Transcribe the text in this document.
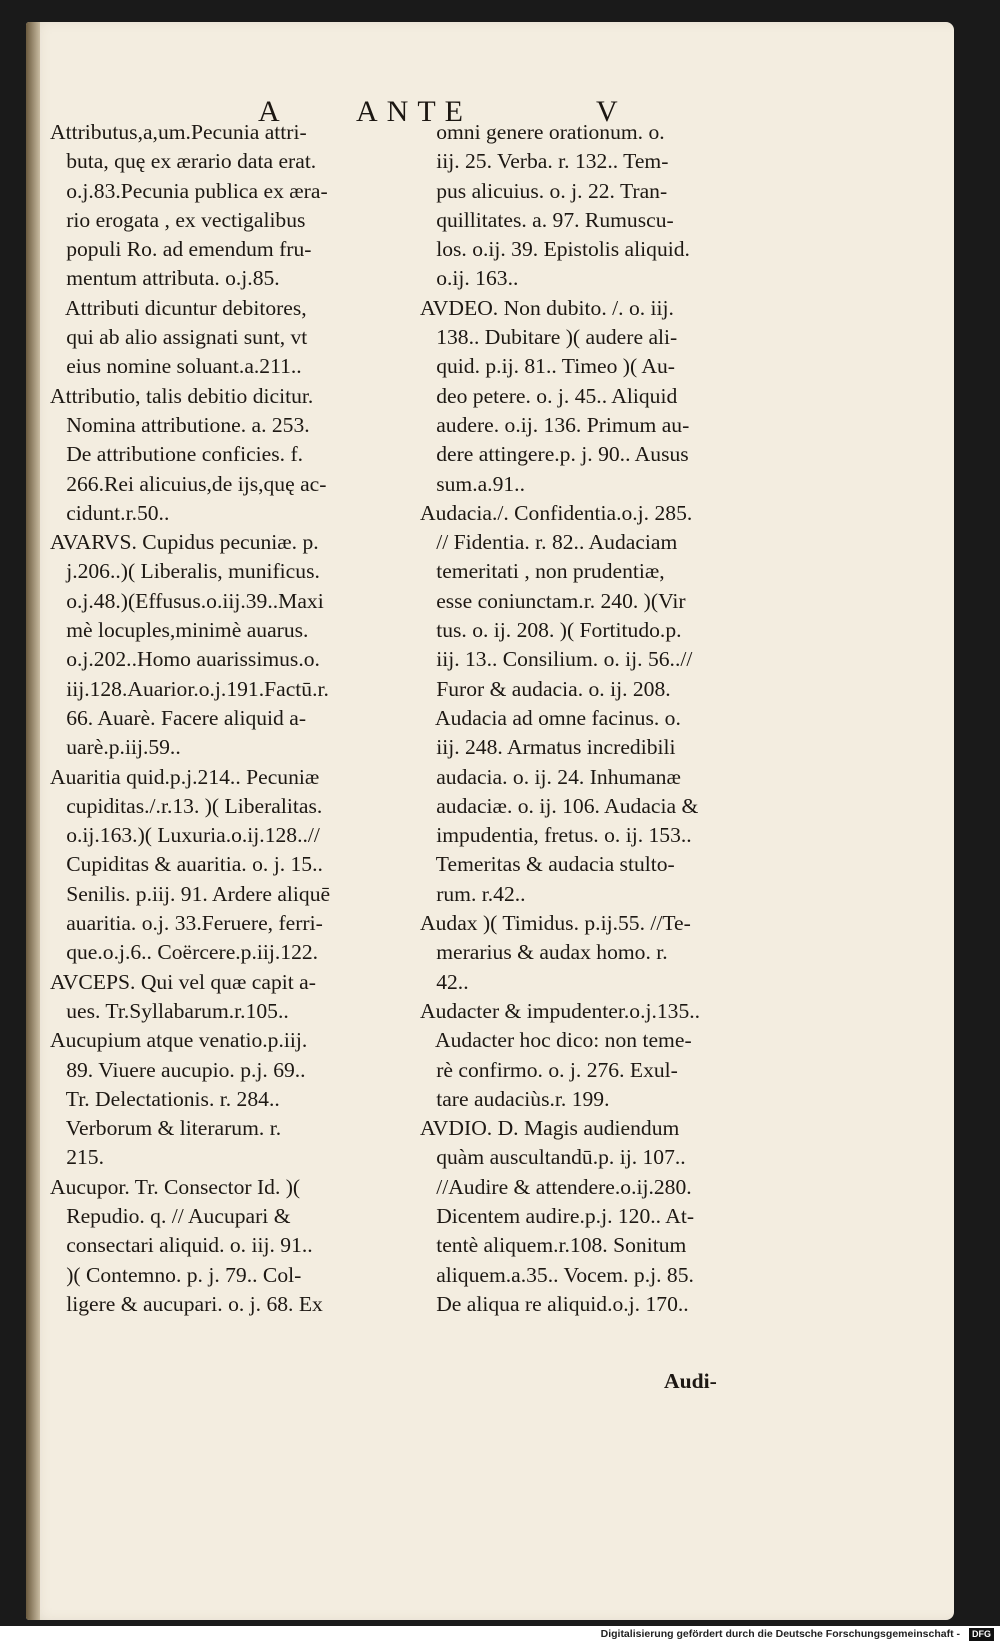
A ANTE	V
Attributus,a,um.Pecunia attri-
buta, quę ex ærario data erat.
o.j.83.Pecunia publica ex æra-
rio erogata , ex vectigalibus
populi Ro. ad emendum fru-
mentum attributa. o.j.85.
Attributi dicuntur debitores,
qui ab alio assignati sunt, vt
eius nomine soluant.a.211..
Attributio, talis debitio dicitur.
Nomina attributione. a. 253.
De attributione conficies. f.
266.Rei alicuius,de ijs,quę ac-
cidunt.r.50..
AVARVS. Cupidus pecuniæ. p.
j.206..)( Liberalis, munificus.
o.j.48.)(Effusus.o.iij.39..Maxi
mè locuples,minimè auarus.
o.j.202..Homo auarissimus.o.
iij.128.Auarior.o.j.191.Factū.r.
66. Auarè. Facere aliquid a-
uarè.p.iij.59..
Auaritia quid.p.j.214.. Pecuniæ
cupiditas./.r.13. )( Liberalitas.
o.ij.163.)( Luxuria.o.ij.128..//
Cupiditas & auaritia. o. j. 15..
Senilis. p.iij. 91. Ardere aliquē
auaritia. o.j. 33.Feruere, ferri-
que.o.j.6.. Coërcere.p.iij.122.
AVCEPS. Qui vel quæ capit a-
ues. Tr.Syllabarum.r.105..
Aucupium atque venatio.p.iij.
89. Viuere aucupio. p.j. 69..
Tr. Delectationis. r. 284..
Verborum & literarum. r.
215.
Aucupor. Tr. Consector Id. )(
Repudio. q. // Aucupari &
consectari aliquid. o. iij. 91..
)( Contemno. p. j. 79.. Col-
ligere & aucupari. o. j. 68. Ex
omni genere orationum. o.
iij. 25. Verba. r. 132.. Tem-
pus alicuius. o. j. 22. Tran-
quillitates. a. 97. Rumuscu-
los. o.ij. 39. Epistolis aliquid.
o.ij. 163..
AVDEO. Non dubito. /. o. iij.
138.. Dubitare )( audere ali-
quid. p.ij. 81.. Timeo )( Au-
deo petere. o. j. 45.. Aliquid
audere. o.ij. 136. Primum au-
dere attingere.p. j. 90.. Ausus
sum.a.91..
Audacia./. Confidentia.o.j. 285.
// Fidentia. r. 82.. Audaciam
temeritati , non prudentiæ,
esse coniunctam.r. 240. )(Vir
tus. o. ij. 208. )( Fortitudo.p.
iij. 13.. Consilium. o. ij. 56..//
Furor & audacia. o. ij. 208.
Audacia ad omne facinus. o.
iij. 248. Armatus incredibili
audacia. o. ij. 24. Inhumanæ
audaciæ. o. ij. 106. Audacia &
impudentia, fretus. o. ij. 153..
Temeritas & audacia stulto-
rum. r.42..
Audax )( Timidus. p.ij.55. //Te-
merarius & audax homo. r.
42..
Audacter & impudenter.o.j.135..
Audacter hoc dico: non teme-
rè confirmo. o. j. 276. Exul-
tare audaciùs.r. 199.
AVDIO. D. Magis audiendum
quàm auscultandū.p. ij. 107..
//Audire & attendere.o.ij.280.
Dicentem audire.p.j. 120.. At-
tentè aliquem.r.108. Sonitum
aliquem.a.35.. Vocem. p.j. 85.
De aliqua re aliquid.o.j. 170..
Audi-
Digitalisierung gefördert durch die Deutsche Forschungsgemeinschaft -	DFG
